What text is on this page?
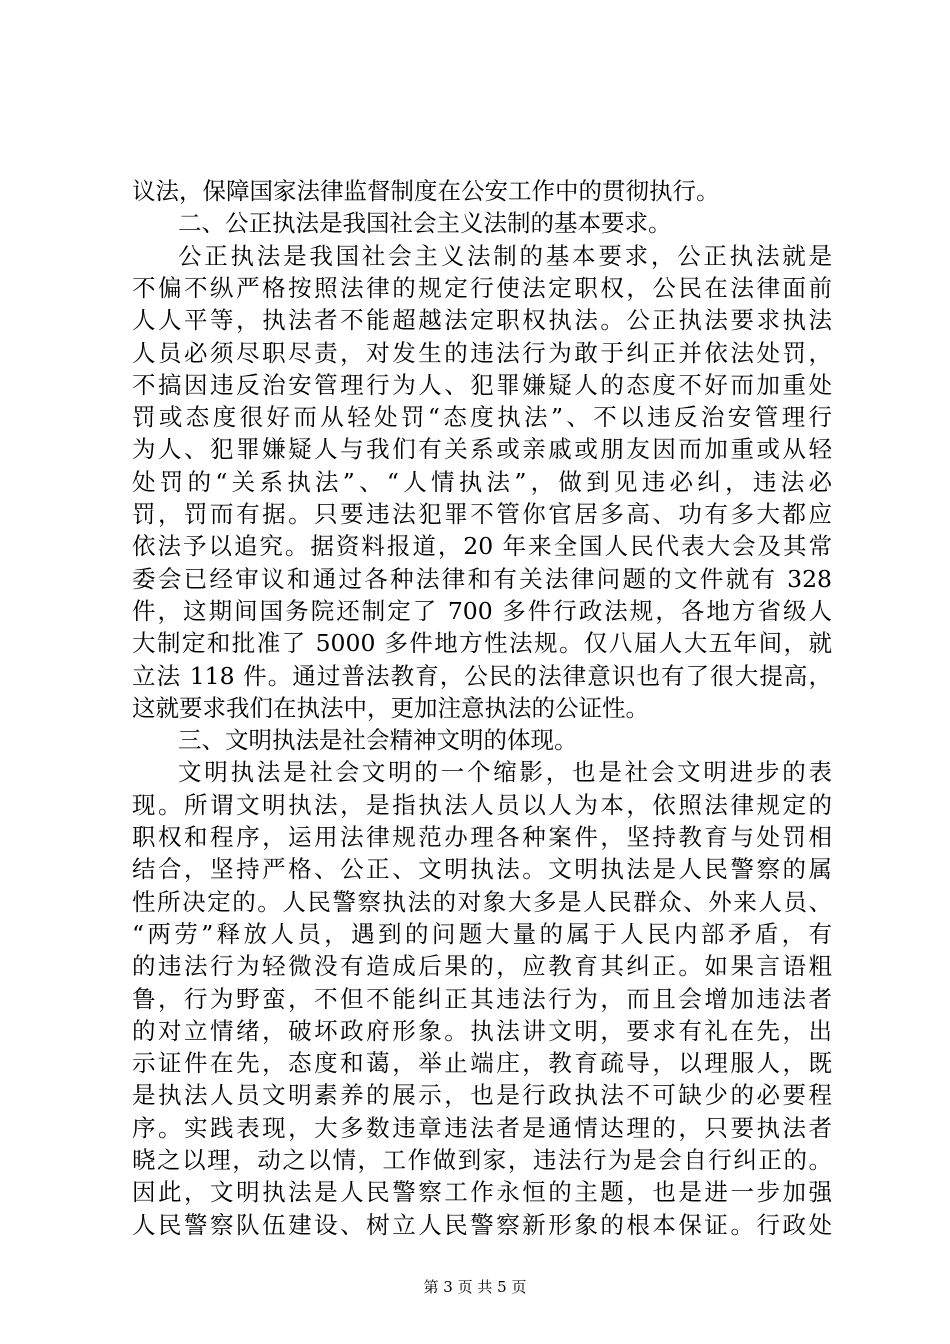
议法，保障国家法律监督制度在公安工作中的贯彻执行。
二、公正执法是我国社会主义法制的基本要求。
公正执法是我国社会主义法制的基本要求，公正执法就是
不偏不纵严格按照法律的规定行使法定职权，公民在法律面前
人人平等，执法者不能超越法定职权执法。公正执法要求执法
人员必须尽职尽责，对发生的违法行为敢于纠正并依法处罚，
不搞因违反治安管理行为人、犯罪嫌疑人的态度不好而加重处
罚或态度很好而从轻处罚“态度执法”、不以违反治安管理行
为人、犯罪嫌疑人与我们有关系或亲戚或朋友因而加重或从轻
处罚的“关系执法”、“人情执法”，做到见违必纠，违法必
罚，罚而有据。只要违法犯罪不管你官居多高、功有多大都应
依法予以追究。据资料报道，20 年来全国人民代表大会及其常
委会已经审议和通过各种法律和有关法律问题的文件就有 328
件，这期间国务院还制定了 700 多件行政法规，各地方省级人
大制定和批准了 5000 多件地方性法规。仅八届人大五年间，就
立法 118 件。通过普法教育，公民的法律意识也有了很大提高，
这就要求我们在执法中，更加注意执法的公证性。
三、文明执法是社会精神文明的体现。
文明执法是社会文明的一个缩影，也是社会文明进步的表
现。所谓文明执法，是指执法人员以人为本，依照法律规定的
职权和程序，运用法律规范办理各种案件，坚持教育与处罚相
结合，坚持严格、公正、文明执法。文明执法是人民警察的属
性所决定的。人民警察执法的对象大多是人民群众、外来人员、
“两劳”释放人员，遇到的问题大量的属于人民内部矛盾，有
的违法行为轻微没有造成后果的，应教育其纠正。如果言语粗
鲁，行为野蛮，不但不能纠正其违法行为，而且会增加违法者
的对立情绪，破坏政府形象。执法讲文明，要求有礼在先，出
示证件在先，态度和蔼，举止端庄，教育疏导，以理服人，既
是执法人员文明素养的展示，也是行政执法不可缺少的必要程
序。实践表现，大多数违章违法者是通情达理的，只要执法者
晓之以理，动之以情，工作做到家，违法行为是会自行纠正的。
因此，文明执法是人民警察工作永恒的主题，也是进一步加强
人民警察队伍建设、树立人民警察新形象的根本保证。行政处
第 3 页 共 5 页
